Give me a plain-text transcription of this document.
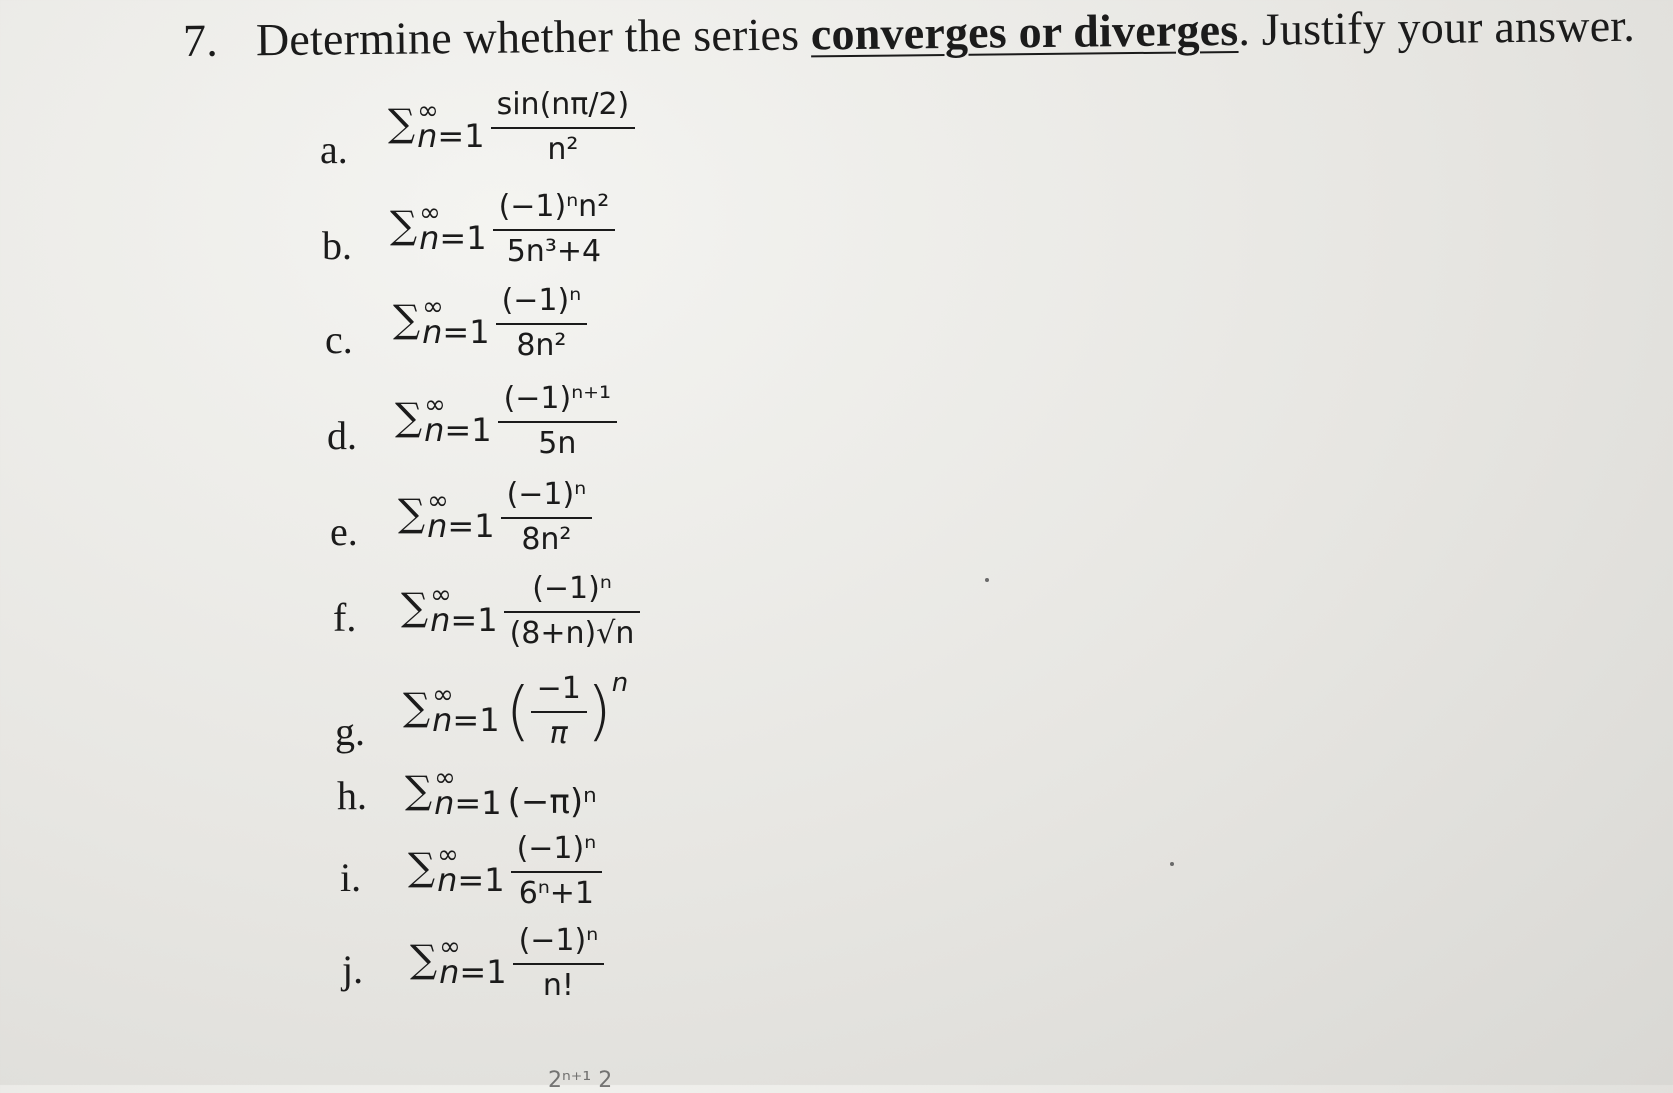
7. Determine whether the series converges or diverges. Justify your answer.
a.
∑ ∞
$n=1 \frac{\sin(n\pi/2)}{\text{n²}}$
b. ∑ ∞
$n=1 \frac{\text{(−1)ⁿn²}}{\text{5n³+4}}$
c. ∑ ∞
$n=1 \frac{\text{(−1)ⁿ}}{\text{8n²}}$
d. ∑ ∞
$n=1 \frac{\text{(−1)ⁿ⁺¹}}{5n}$
e. ∑ ∞
$n=1 \frac{\text{(−1)ⁿ}}{\text{8n²}}$
f. ∑ ∞
$n=1 \frac{\text{(−1)ⁿ}}{(8+n)√n}$
g.
∑ ∞
n=1 ( $\frac{-1}{\pi}$ ) n
h. ∑ ∞
n=1 (−π)ⁿ
i. ∑ ∞
$n=1 \frac{\text{(−1)ⁿ}}{\text{6ⁿ+1}}$
j. ∑ ∞
$n=1 \frac{\text{(−1)ⁿ}}{n!}$
2ⁿ⁺¹ 2
